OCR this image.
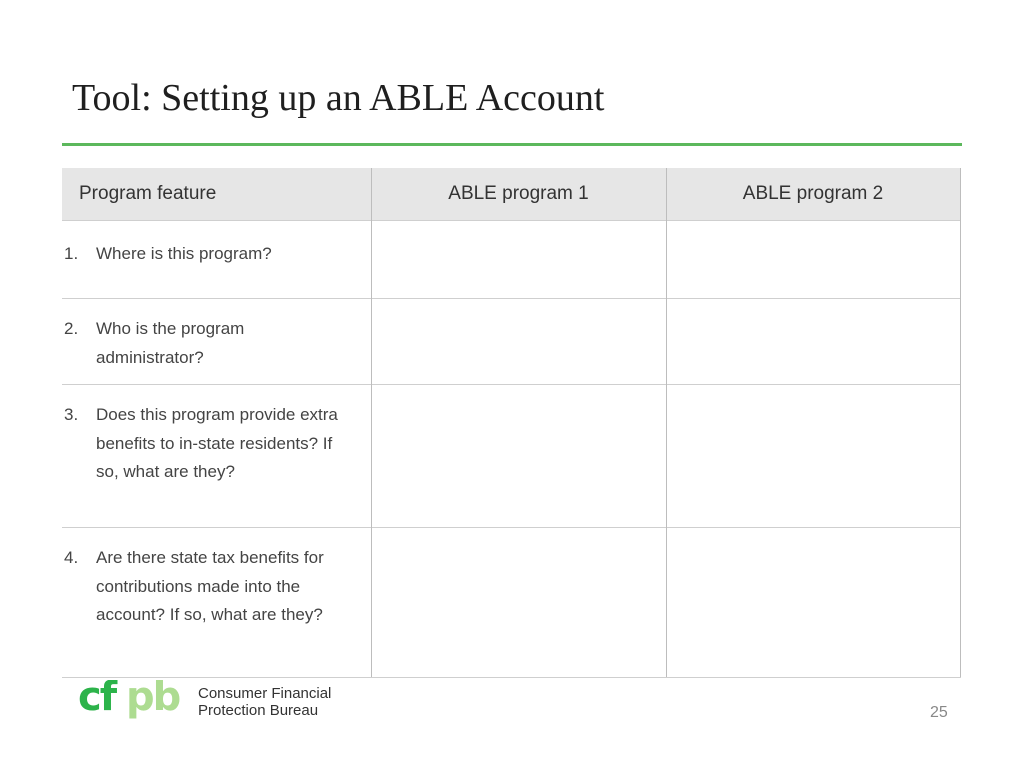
Tool: Setting up an ABLE Account
Program feature	ABLE program 1	ABLE program 2

1. Where is this program?		

2. Who is the program administrator?		

3. Does this program provide extra benefits to in-state residents? If so, what are they?		

4. Are there state tax benefits for contributions made into the account? If so, what are they?		

cf pb Consumer Financial
Protection Bureau	25
